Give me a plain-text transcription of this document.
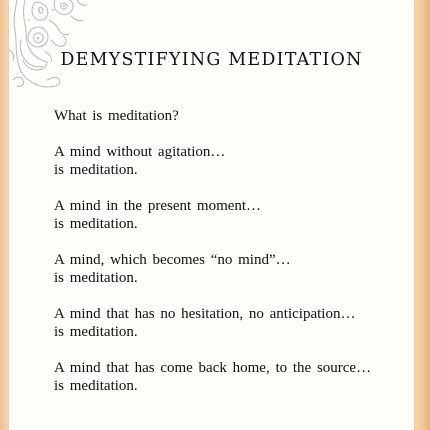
DEMYSTIFYING MEDITATION

What is meditation?

A mind without agitation…
is meditation.
A mind in the present moment…
is meditation.
A mind, which becomes “no mind”…
is meditation.
A mind that has no hesitation, no anticipation…
is meditation.
A mind that has come back home, to the source…
is meditation.
